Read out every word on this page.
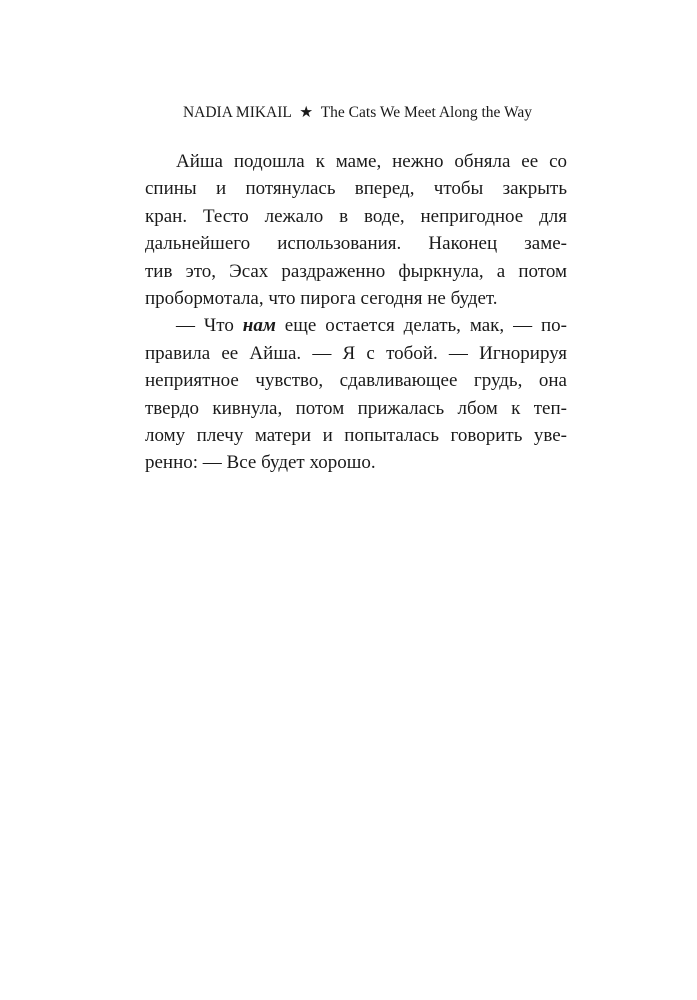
NADIA MIKAIL ★ The Cats We Meet Along the Way
Айша подошла к маме, нежно обняла ее со
спины и потянулась вперед, чтобы закрыть
кран. Тесто лежало в воде, непригодное для
дальнейшего использования. Наконец заме-
тив это, Эсах раздраженно фыркнула, а потом
пробормотала, что пирога сегодня не будет.
— Что нам еще остается делать, мак, — по-
правила ее Айша. — Я с тобой. — Игнорируя
неприятное чувство, сдавливающее грудь, она
твердо кивнула, потом прижалась лбом к теп-
лому плечу матери и попыталась говорить уве-
ренно: — Все будет хорошо.
